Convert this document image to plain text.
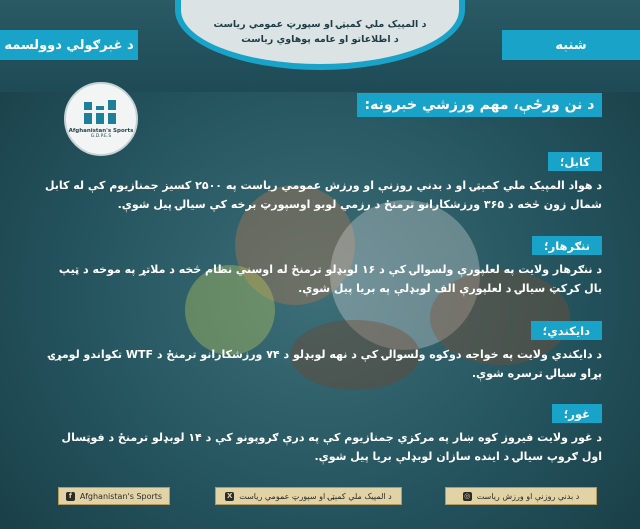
د غبرګولي دوولسمه	شنبه
د المپيک ملي کمېټۍ او سپورټ عمومي رياست
د اطلاعاتو او عامه پوهاوي رياست
Afghanistan's Sports
G.D.P.E.S
د نن ورځې، مهم ورزشي خبرونه:
کابل؛
د هواد المپيک ملي کمېټۍ او د بدني روزنې او ورزش عمومي رياست په ۲۵۰۰ کسيز جمنازيوم کې له کابل شمال زون څخه د ۳۶۵ ورزشکارانو ترمنځ د رزمي لوبو اوسپورټ برخه کې سيالۍ پيل شوې.
ننګرهار؛
د ننګرهار ولايت په لعلپورې ولسوالۍ کې د ۱۶ لوبډلو ترمنځ له اوسني نظام څخه د ملاتړ په موخه د ټيپ بال کرکټ سيالۍ د لعلپورې الف لوبډلې په بريا پيل شوې.
دايکندي؛
د دايکندي ولايت په خواجه دوکوه ولسوالۍ کې د نهه لوبډلو د ۷۴ ورزشکارانو ترمنځ د WTF تکواندو لومړۍ پړاو سيالۍ ترسره شوې.
غور؛
د غور ولايت فيروز کوه ښار په مرکزي جمنازيوم کې په درې ګروپونو کې د ۱۴ لوبډلو ترمنځ د فوټسال اول ګروپ سيالۍ د اينده سازان لوبډلې بريا پيل شوې.
Afghanistan's Sports
f	د المپيک ملي کمېټۍ او سپورټ عمومي رياست
X	د بدني روزنې او ورزش رياست
◎
